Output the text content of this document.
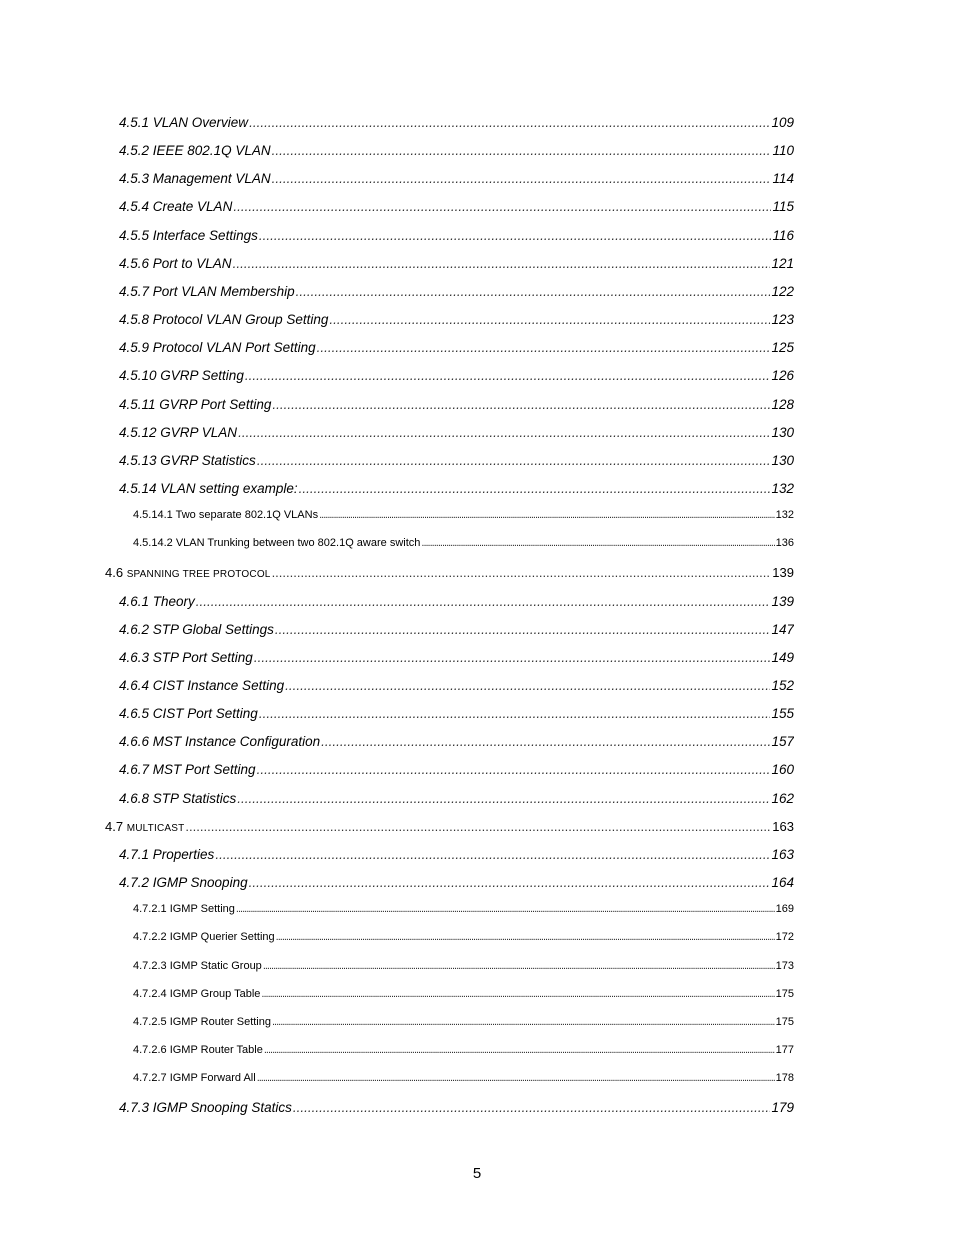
4.5.1 VLAN Overview .....	109
4.5.2 IEEE 802.1Q VLAN .....	110
4.5.3 Management VLAN .....	114
4.5.4 Create VLAN .....	115
4.5.5 Interface Settings .....	116
4.5.6 Port to VLAN .....	121
4.5.7 Port VLAN Membership .....	122
4.5.8 Protocol VLAN Group Setting .....	123
4.5.9 Protocol VLAN Port Setting .....	125
4.5.10 GVRP Setting .....	126
4.5.11 GVRP Port Setting .....	128
4.5.12 GVRP VLAN .....	130
4.5.13 GVRP Statistics .....	130
4.5.14 VLAN setting example: .....	132
4.5.14.1 Two separate 802.1Q VLANs .....	132
4.5.14.2 VLAN Trunking between two 802.1Q aware switch .....	136
4.6 SPANNING TREE PROTOCOL .....	139
4.6.1 Theory .....	139
4.6.2 STP Global Settings .....	147
4.6.3 STP Port Setting .....	149
4.6.4 CIST Instance Setting .....	152
4.6.5 CIST Port Setting .....	155
4.6.6 MST Instance Configuration .....	157
4.6.7 MST Port Setting .....	160
4.6.8 STP Statistics .....	162
4.7 MULTICAST .....	163
4.7.1 Properties .....	163
4.7.2 IGMP Snooping .....	164
4.7.2.1 IGMP Setting .....	169
4.7.2.2 IGMP Querier Setting .....	172
4.7.2.3 IGMP Static Group .....	173
4.7.2.4 IGMP Group Table .....	175
4.7.2.5 IGMP Router Setting .....	175
4.7.2.6 IGMP Router Table .....	177
4.7.2.7 IGMP Forward All .....	178
4.7.3 IGMP Snooping Statics .....	179
5
